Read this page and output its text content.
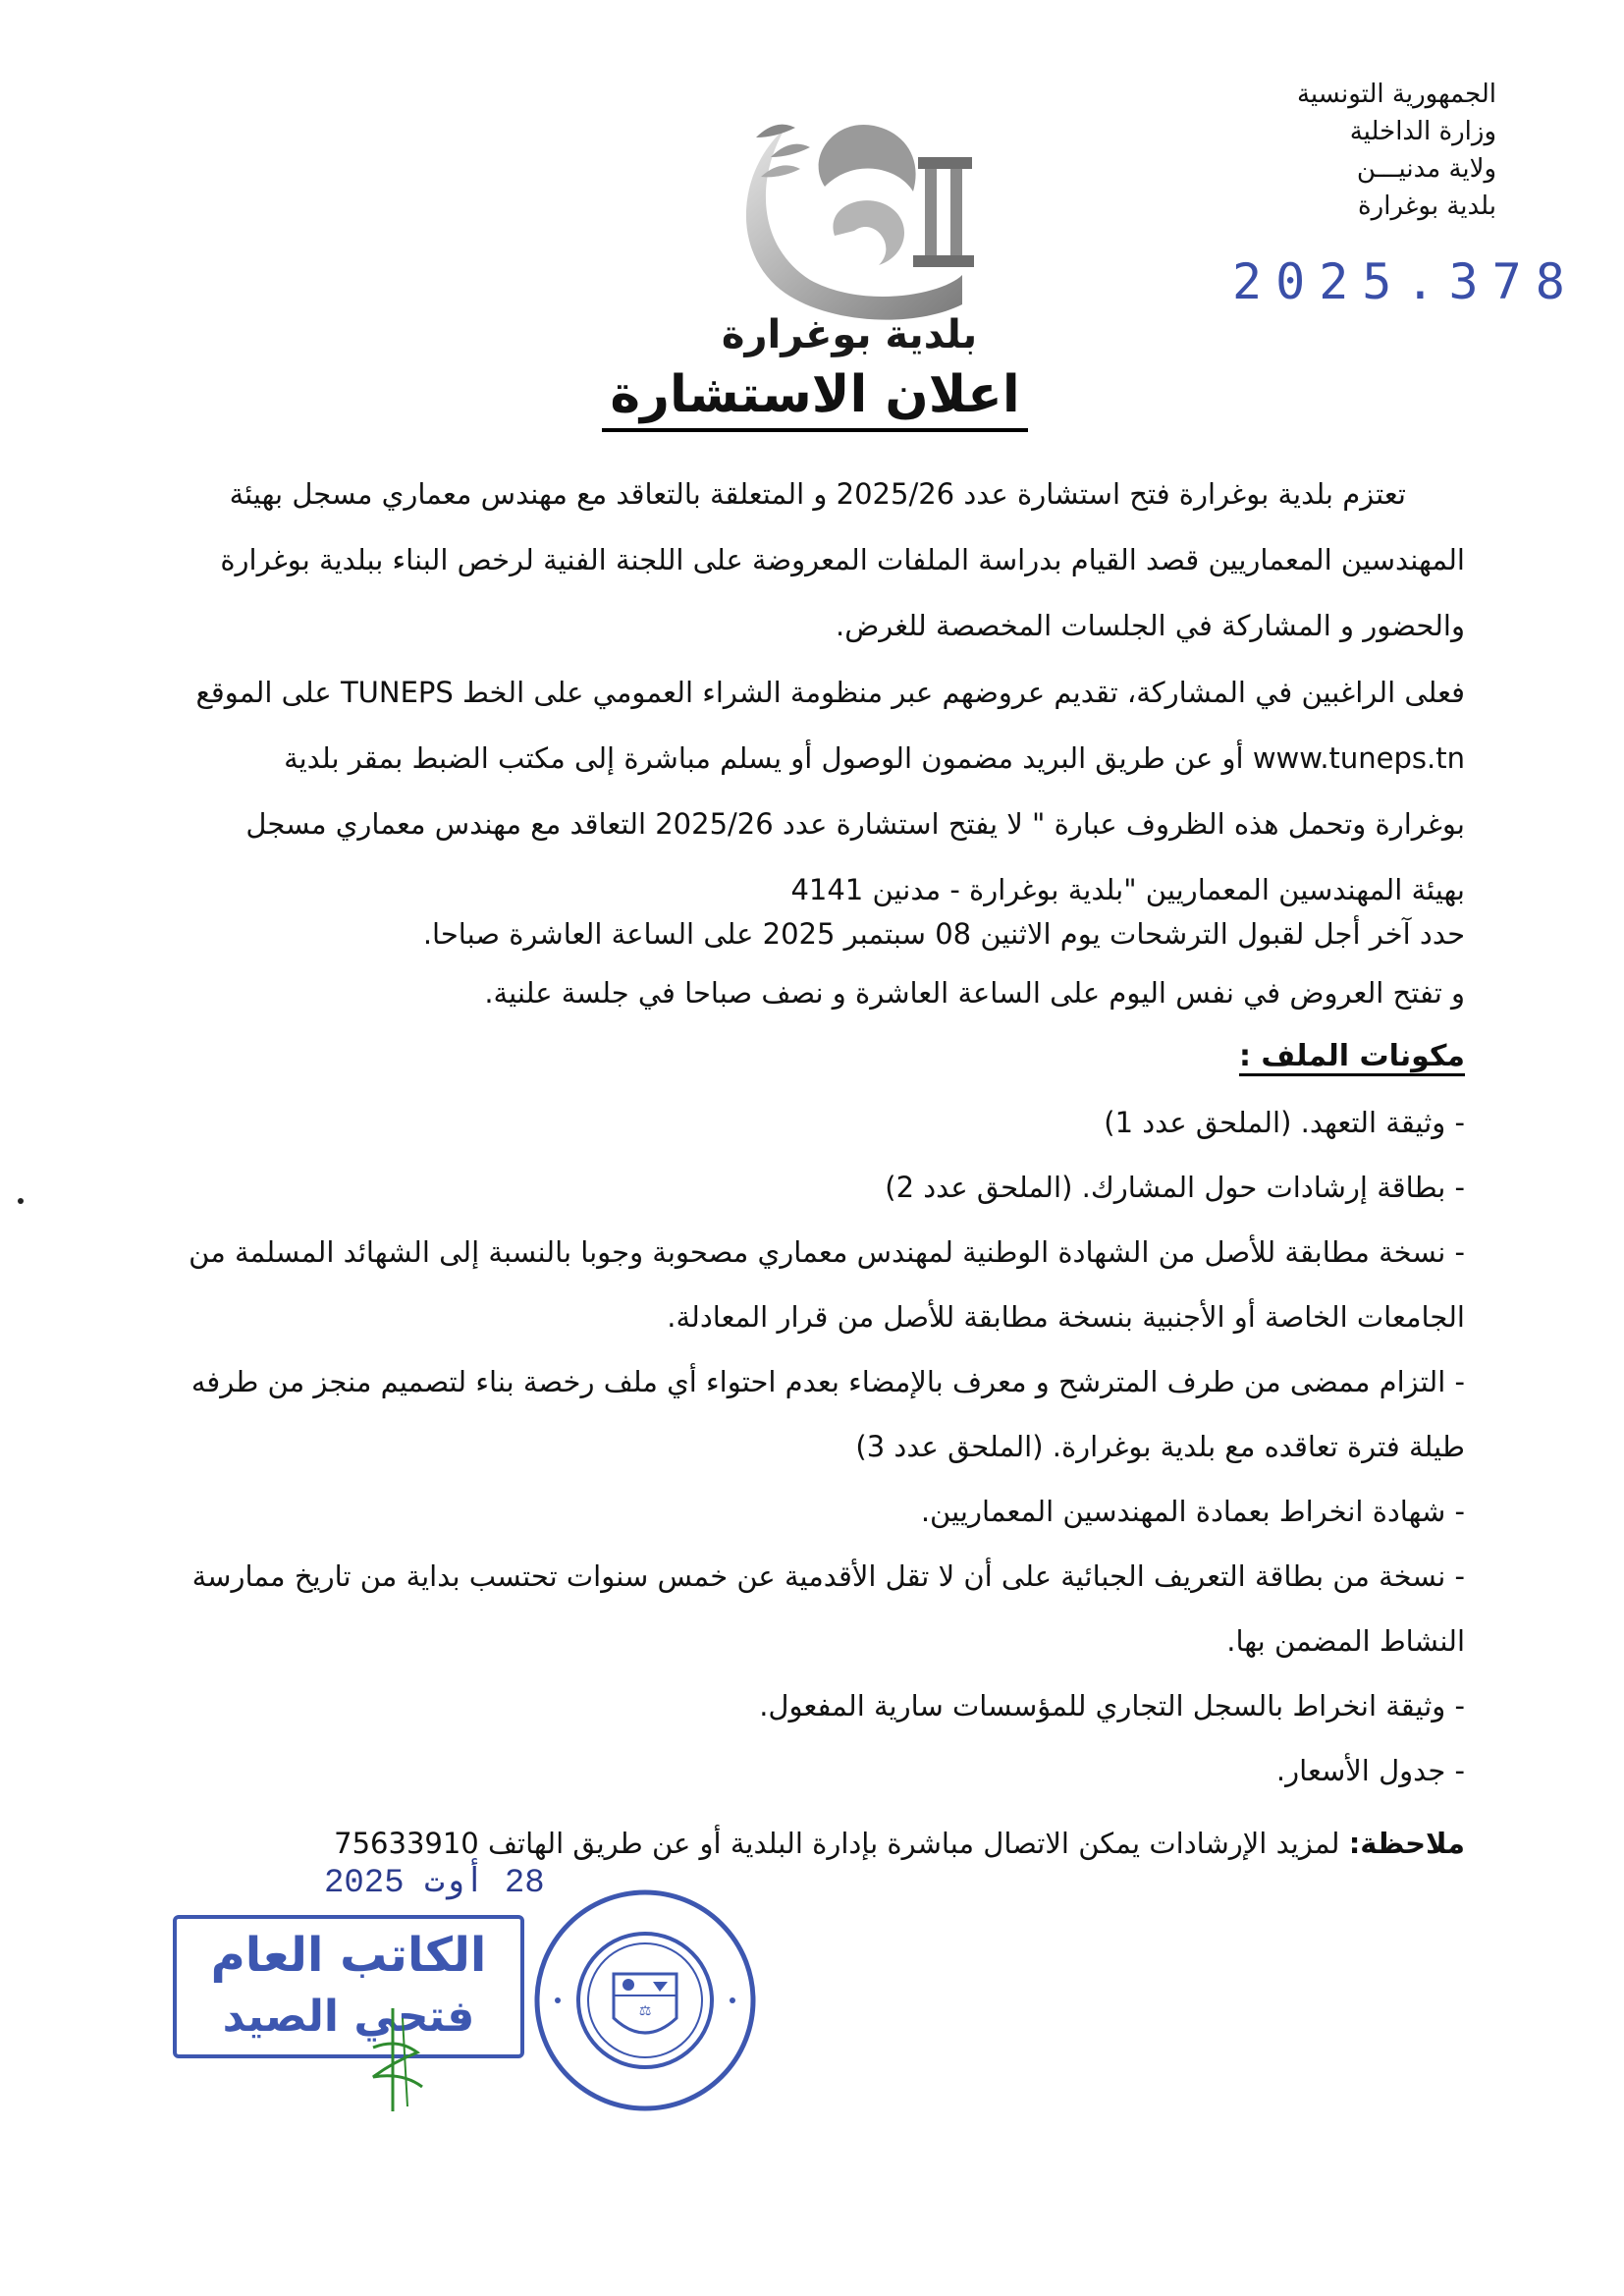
الجمهورية التونسية
وزارة الداخلية
ولاية مدنيـــن
بلدية بوغرارة
2025.378
بلدية بوغرارة
اعلان الاستشارة

تعتزم بلدية بوغرارة فتح استشارة عدد 2025/26 و المتعلقة بالتعاقد مع مهندس معماري مسجل بهيئة المهندسين المعماريين قصد القيام بدراسة الملفات المعروضة على اللجنة الفنية لرخص البناء ببلدية بوغرارة والحضور و المشاركة في الجلسات المخصصة للغرض.

فعلى الراغبين في المشاركة، تقديم عروضهم عبر منظومة الشراء العمومي على الخط TUNEPS على الموقع www.tuneps.tn أو عن طريق البريد مضمون الوصول أو يسلم مباشرة إلى مكتب الضبط بمقر بلدية بوغرارة وتحمل هذه الظروف عبارة " لا يفتح استشارة عدد 2025/26 التعاقد مع مهندس معماري مسجل بهيئة المهندسين المعماريين "بلدية بوغرارة - مدنين 4141

حدد آخر أجل لقبول الترشحات يوم الاثنين 08 سبتمبر 2025 على الساعة العاشرة صباحا.

و تفتح العروض في نفس اليوم على الساعة العاشرة و نصف صباحا في جلسة علنية.

مكونات الملف :

- وثيقة التعهد. (الملحق عدد 1)

- بطاقة إرشادات حول المشارك. (الملحق عدد 2)

- نسخة مطابقة للأصل من الشهادة الوطنية لمهندس معماري مصحوبة وجوبا بالنسبة إلى الشهائد المسلمة من الجامعات الخاصة أو الأجنبية بنسخة مطابقة للأصل من قرار المعادلة.

- التزام ممضى من طرف المترشح و معرف بالإمضاء بعدم احتواء أي ملف رخصة بناء لتصميم منجز من طرفه طيلة فترة تعاقده مع بلدية بوغرارة. (الملحق عدد 3)

- شهادة انخراط بعمادة المهندسين المعماريين.

- نسخة من بطاقة التعريف الجبائية على أن لا تقل الأقدمية عن خمس سنوات تحتسب بداية من تاريخ ممارسة النشاط المضمن بها.

- وثيقة انخراط بالسجل التجاري للمؤسسات سارية المفعول.

- جدول الأسعار.

ملاحظة: لمزيد الإرشادات يمكن الاتصال مباشرة بإدارة البلدية أو عن طريق الهاتف 75633910
28 أوت 2025
الكاتب العام
فتحي الصيد	⚖
